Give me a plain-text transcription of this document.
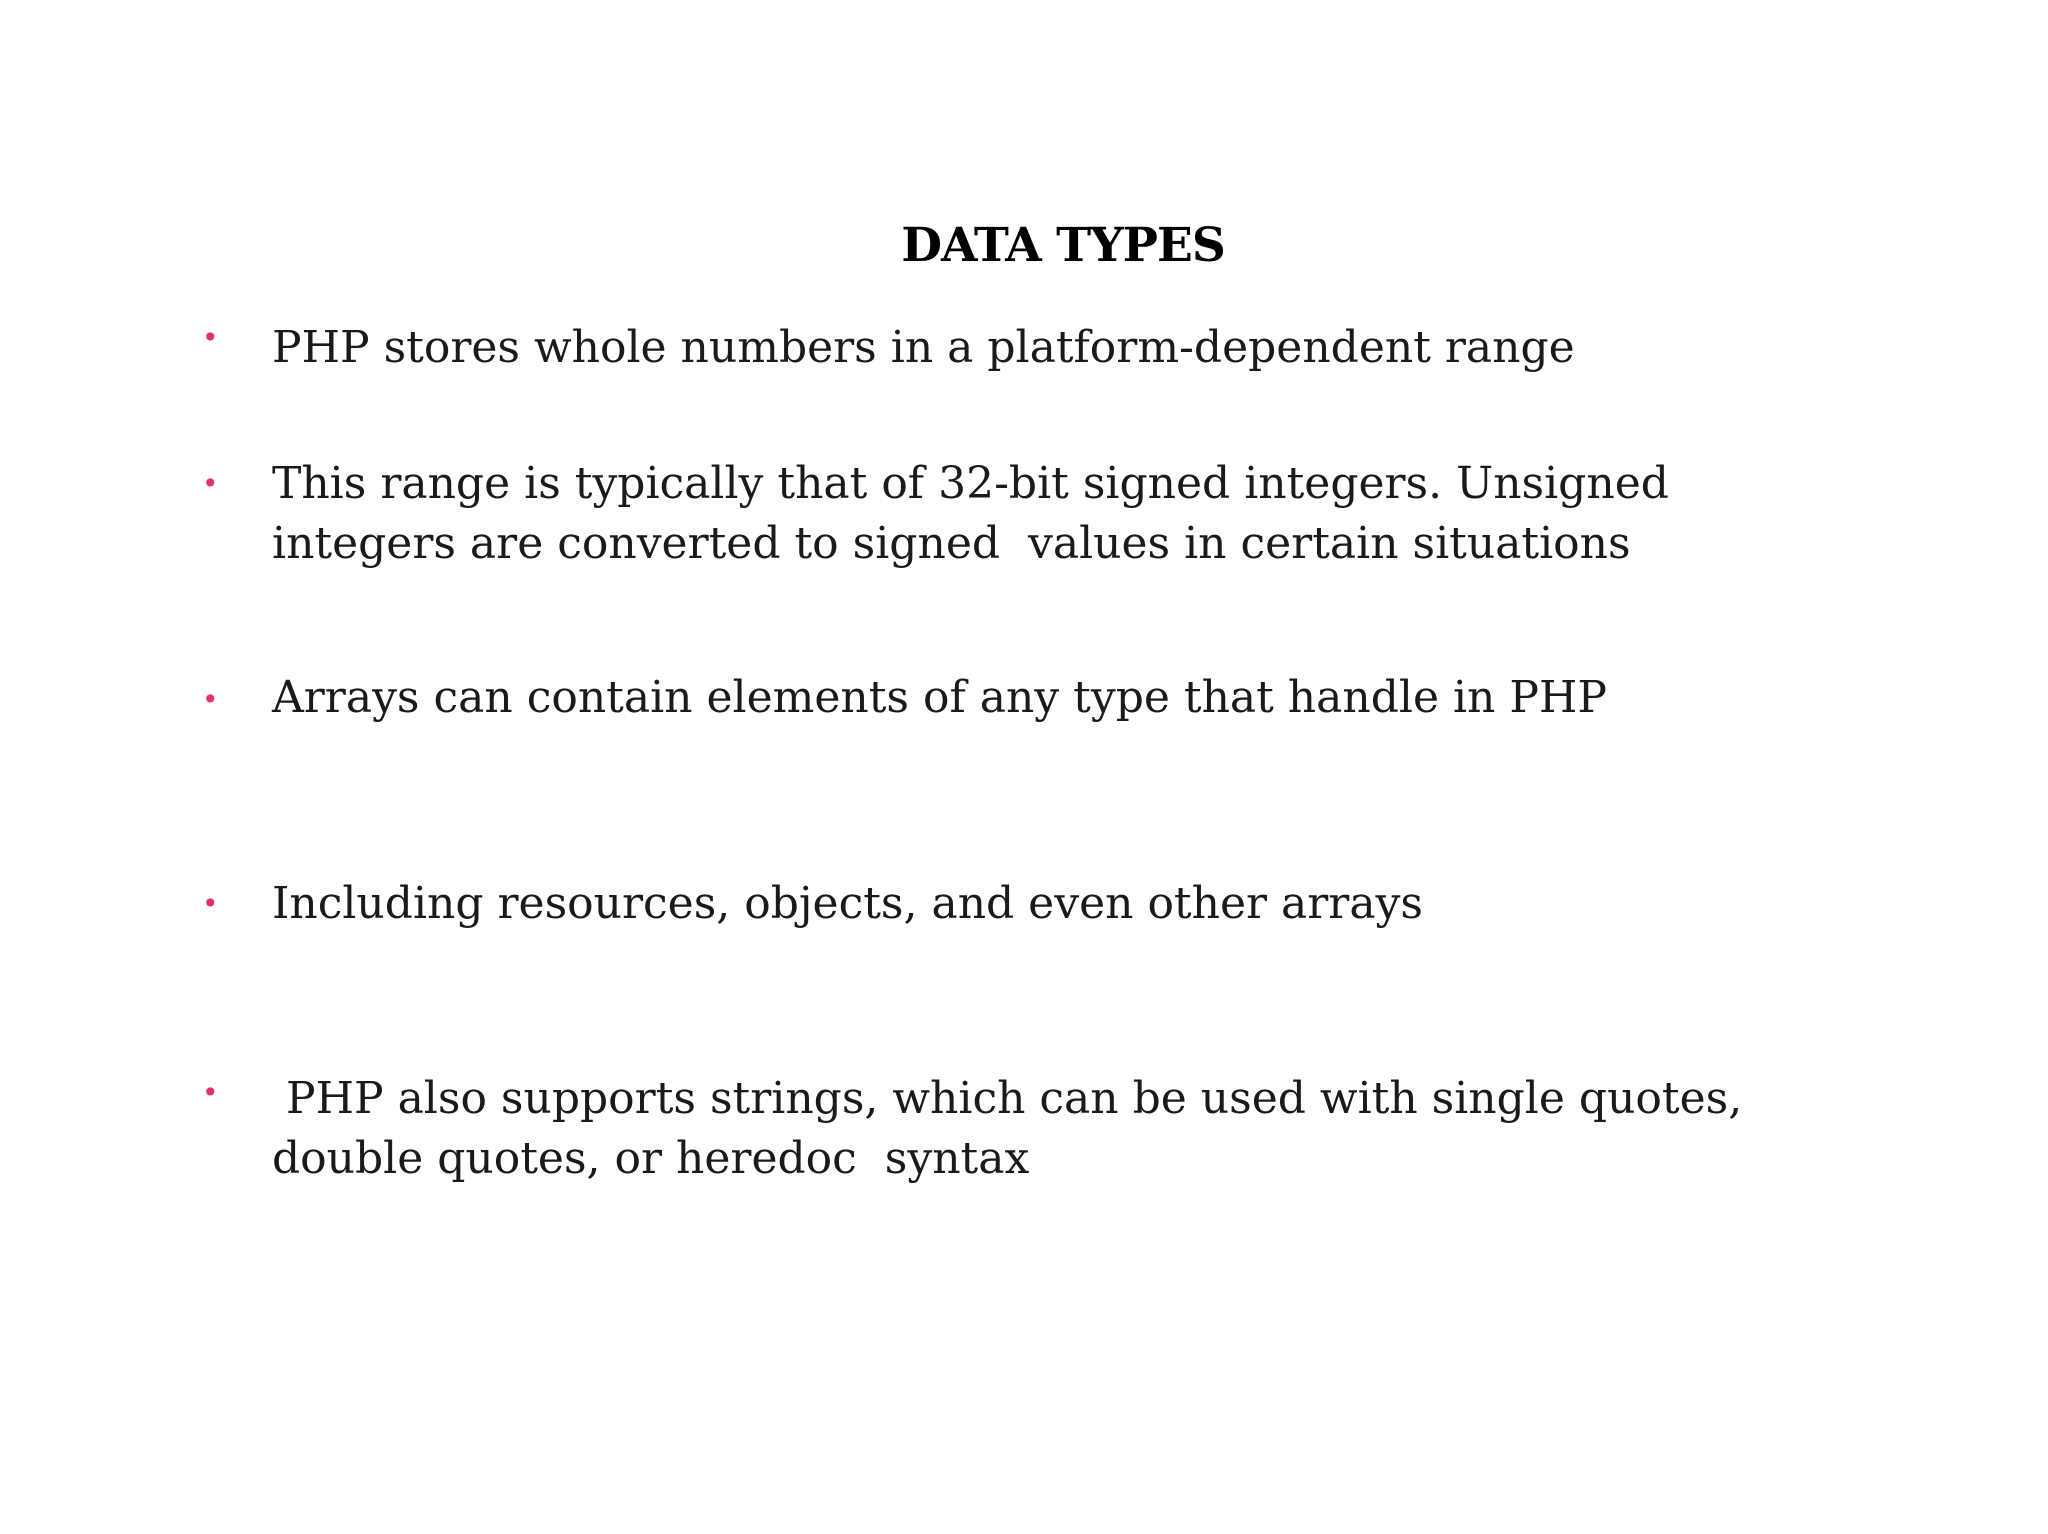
DATA TYPES
• PHP stores whole numbers in a platform-dependent range
• This range is typically that of 32-bit signed integers. Unsigned
integers are converted to signed  values in certain situations
• Arrays can contain elements of any type that handle in PHP
• Including resources, objects, and even other arrays
•	PHP also supports strings, which can be used with single quotes,
double quotes, or heredoc  syntax
